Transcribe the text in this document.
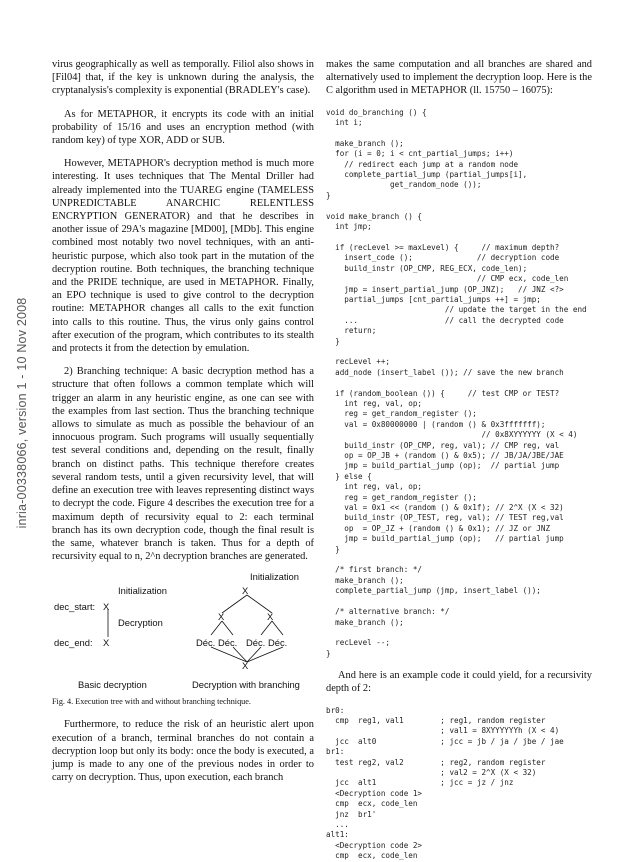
inria-00338066, version 1 - 10 Nov 2008

virus geographically as well as temporally. Filiol also shows in [Fil04] that, if the key is unknown during the analysis, the cryptanalysis's complexity is exponential (BRADLEY's case).

As for METAPHOR, it encrypts its code with an initial probability of 15/16 and uses an encryption method (with random key) of type XOR, ADD or SUB.

However, METAPHOR's decryption method is much more interesting. It uses techniques that The Mental Driller had already implemented into the TUAREG engine (TAMELESS UNPREDICTABLE ANARCHIC RELENTLESS ENCRYPTION GENERATOR) and that he describes in another issue of 29A's magazine [MD00], [MDb]. This engine combined most notably two novel techniques, with an anti-heuristic purpose, which also took part in the mutation of the decryption routine. Both techniques, the branching technique and the PRIDE technique, are used in METAPHOR. Finally, an EPO technique is used to give control to the decryption routine: METAPHOR changes all calls to the exit function into calls to this routine. Thus, the virus only gains control after execution of the program, which contributes to its stealth and protects it from the detection by emulation.

2) Branching technique: A basic decryption method has a structure that often follows a common template which will trigger an alarm in any heuristic engine, as one can see with the examples from last section. Thus the branching technique allows to simulate as much as possible the behaviour of an innocuous program. Such programs will usually sequentially test several conditions and, depending on the result, finally branch on distinct paths. This technique therefore creates several random tests, until a given recursivity level, that will define an execution tree with leaves representing distinct ways to decrypt the code. Figure 4 describes the execution tree for a maximum depth of recursivity equal to 2: each terminal branch has its own decryption code, though the final result is the same, whatever branch is taken. Thus for a depth of recursivity equal to n, 2^n decryption branches are generated.

Initialization
X
Initialization
dec_start: X
X	X
Decryption
dec_end: X	Déc. Déc. Déc. Déc.
X
Basic decryption	Decryption with branching
Fig. 4. Execution tree with and without branching technique.

Furthermore, to reduce the risk of an heuristic alert upon execution of a branch, terminal branches do not contain a decryption loop but only its body: once the body is executed, a jump is made to any one of the previous nodes in order to carry on decryption. Thus, upon execution, each branch

makes the same computation and all branches are shared and alternatively used to implement the decryption loop. Here is the C algorithm used in METAPHOR (ll. 15750 – 16075):

void do_branching () {
int i;

make_branch ();
for (i = 0; i < cnt_partial_jumps; i++)
// redirect each jump at a random node
complete_partial_jump (partial_jumps[i],
get_random_node ());
}

void make_branch () {
int jmp;

if (recLevel >= maxLevel) {     // maximum depth?
insert_code ();              // decryption code
build_instr (OP_CMP, REG_ECX, code_len);
// CMP ecx, code_len
jmp = insert_partial_jump (OP_JNZ);   // JNZ <?>
partial_jumps [cnt_partial_jumps ++] = jmp;
// update the target in the end
...                   // call the decrypted code
return;
}

recLevel ++;
add_node (insert_label ()); // save the new branch

if (random_boolean ()) {     // test CMP or TEST?
int reg, val, op;
reg = get_random_register ();
val = 0x80000000 | (random () & 0x3fffffff);
// 0x8XYYYYYY (X < 4)
build_instr (OP_CMP, reg, val); // CMP reg, val
op = OP_JB + (random () & 0x5); // JB/JA/JBE/JAE
jmp = build_partial_jump (op);  // partial jump
} else {
int reg, val, op;
reg = get_random_register ();
val = 0x1 << (random () & 0x1f); // 2^X (X < 32)
build_instr (OP_TEST, reg, val); // TEST reg,val
op  = OP_JZ + (random () & 0x1); // JZ or JNZ
jmp = build_partial_jump (op);   // partial jump
}

/* first branch: */
make_branch ();
complete_partial_jump (jmp, insert_label ());

/* alternative branch: */
make_branch ();

recLevel --;
}

And here is an example code it could yield, for a recursivity depth of 2:

br0:
cmp  reg1, val1        ; reg1, random register
; val1 = 8XYYYYYYh (X < 4)
jcc  alt0              ; jcc = jb / ja / jbe / jae
br1:
test reg2, val2        ; reg2, random register
; val2 = 2^X (X < 32)
jcc  alt1              ; jcc = jz / jnz
<Decryption code 1>
cmp  ecx, code_len
jnz  br1'
...
alt1:
<Decryption code 2>
cmp  ecx, code_len
